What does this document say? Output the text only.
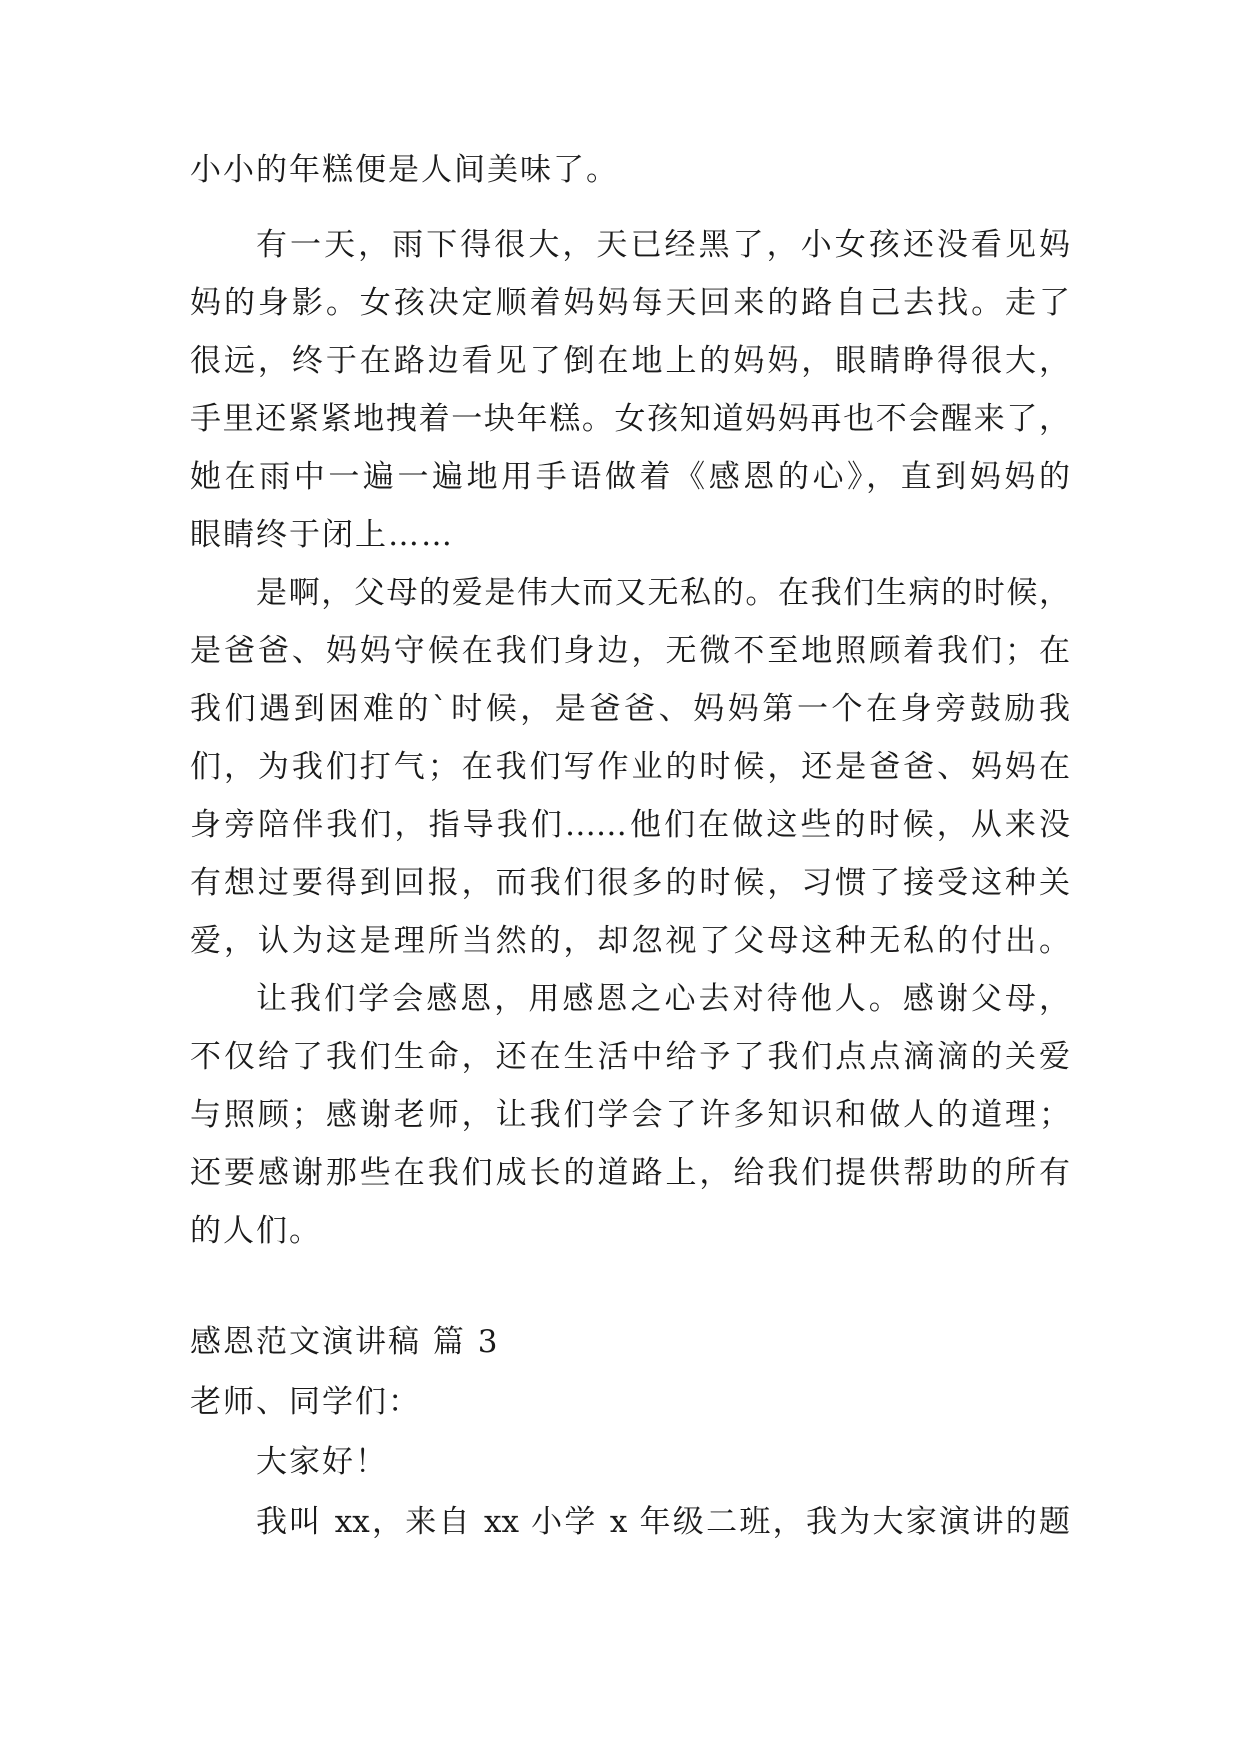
小小的年糕便是人间美味了。
有一天，雨下得很大，天已经黑了，小女孩还没看见妈
妈的身影。女孩决定顺着妈妈每天回来的路自己去找。走了
很远，终于在路边看见了倒在地上的妈妈，眼睛睁得很大，
手里还紧紧地拽着一块年糕。女孩知道妈妈再也不会醒来了，
她在雨中一遍一遍地用手语做着《感恩的心》，直到妈妈的
眼睛终于闭上……
是啊，父母的爱是伟大而又无私的。在我们生病的时候，
是爸爸、妈妈守候在我们身边，无微不至地照顾着我们；在
我们遇到困难的`时候，是爸爸、妈妈第一个在身旁鼓励我
们，为我们打气；在我们写作业的时候，还是爸爸、妈妈在
身旁陪伴我们，指导我们……他们在做这些的时候，从来没
有想过要得到回报，而我们很多的时候，习惯了接受这种关
爱，认为这是理所当然的，却忽视了父母这种无私的付出。
让我们学会感恩，用感恩之心去对待他人。感谢父母，
不仅给了我们生命，还在生活中给予了我们点点滴滴的关爱
与照顾；感谢老师，让我们学会了许多知识和做人的道理；
还要感谢那些在我们成长的道路上，给我们提供帮助的所有
的人们。
感恩范文演讲稿 篇 3
老师、同学们：
大家好！
我叫 xx，来自 xx 小学 x 年级二班，我为大家演讲的题
